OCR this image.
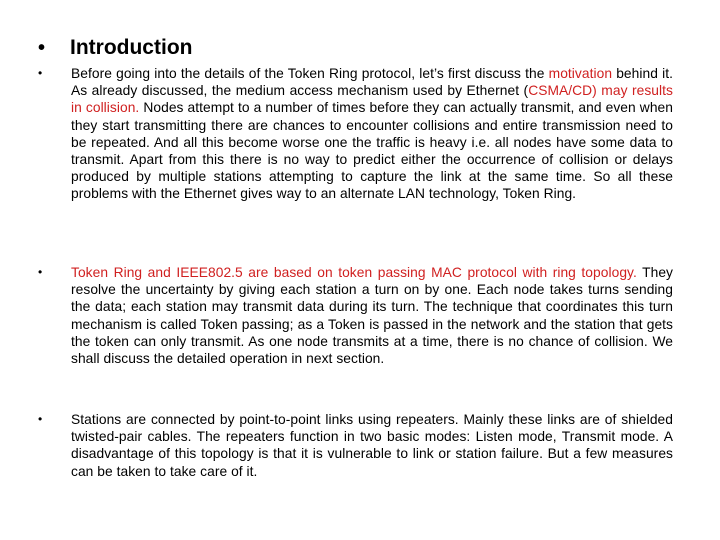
•	Introduction
•	Before going into the details of the Token Ring protocol, let’s first discuss the motivation behind it. As already discussed, the medium access mechanism used by Ethernet (CSMA/CD) may results in collision. Nodes attempt to a number of times before they can actually transmit, and even when they start transmitting there are chances to encounter collisions and entire transmission need to be repeated. And all this become worse one the traffic is heavy i.e. all nodes have some data to transmit. Apart from this there is no way to predict either the occurrence of collision or delays produced by multiple stations attempting to capture the link at the same time. So all these problems with the Ethernet gives way to an alternate LAN technology, Token Ring.
•	Token Ring and IEEE802.5 are based on token passing MAC protocol with ring topology. They resolve the uncertainty by giving each station a turn on by one. Each node takes turns sending the data; each station may transmit data during its turn. The technique that coordinates this turn mechanism is called Token passing; as a Token is passed in the network and the station that gets the token can only transmit. As one node transmits at a time, there is no chance of collision. We shall discuss the detailed operation in next section.
•	Stations are connected by point-to-point links using repeaters. Mainly these links are of shielded twisted-pair cables. The repeaters function in two basic modes: Listen mode, Transmit mode. A disadvantage of this topology is that it is vulnerable to link or station failure. But a few measures can be taken to take care of it.
